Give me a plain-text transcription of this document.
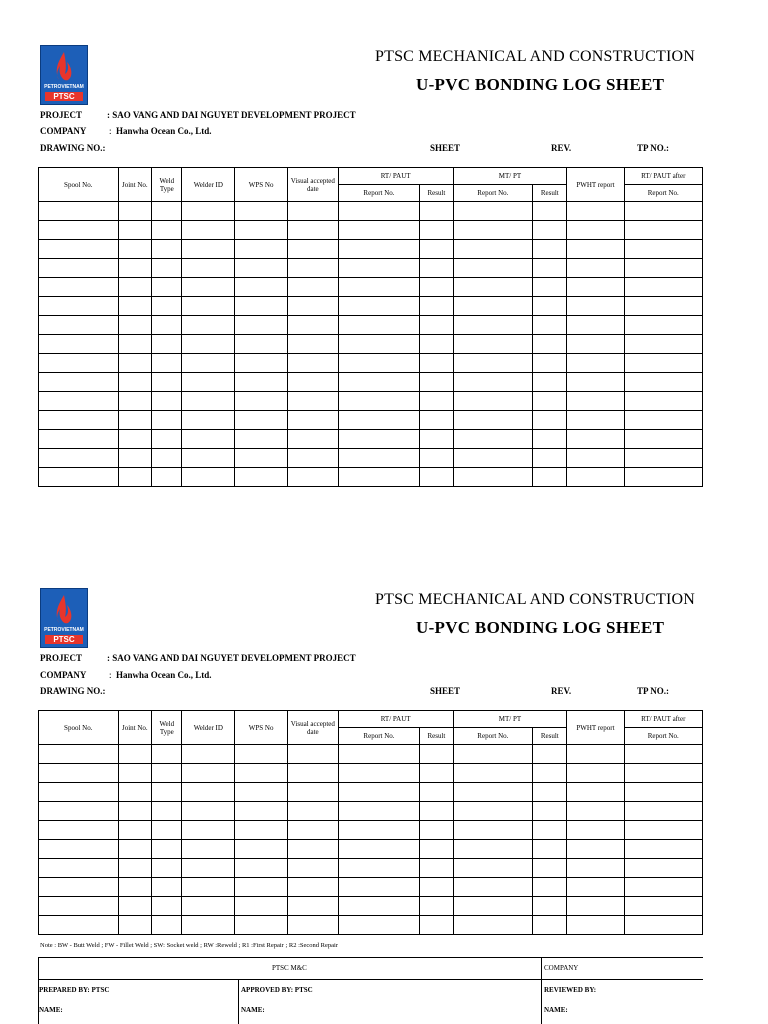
PETROVIETNAM
PTSC
PTSC MECHANICAL AND CONSTRUCTION
U-PVC BONDING LOG SHEET
PROJECT	: SAO VANG AND DAI NGUYET DEVELOPMENT PROJECT
COMPANY	: Hanwha Ocean Co., Ltd.
DRAWING NO.:	SHEET	REV.	TP NO.:
Spool No.	Joint No.	Weld Type	Welder ID	WPS No	Visual accepted date	RT/ PAUT		MT/ PT		PWHT report	RT/ PAUT after
						Report No.	Result	Report No.	Result		Report No.

PETROVIETNAM
PTSC
PTSC MECHANICAL AND CONSTRUCTION
U-PVC BONDING LOG SHEET
PROJECT	: SAO VANG AND DAI NGUYET DEVELOPMENT PROJECT
COMPANY	: Hanwha Ocean Co., Ltd.
DRAWING NO.:	SHEET	REV.	TP NO.:
Spool No.	Joint No.	Weld Type	Welder ID	WPS No	Visual accepted date	RT/ PAUT		MT/ PT		PWHT report	RT/ PAUT after
						Report No.	Result	Report No.	Result		Report No.

Note : BW - Butt Weld ; FW - Fillet Weld ; SW: Socket weld ; RW :Reweld ; R1 :First Repair ; R2 :Second Repair
PTSC M&C	COMPANY
PREPARED BY: PTSC	APPROVED BY: PTSC	REVIEWED BY:
NAME:	NAME:	NAME:
